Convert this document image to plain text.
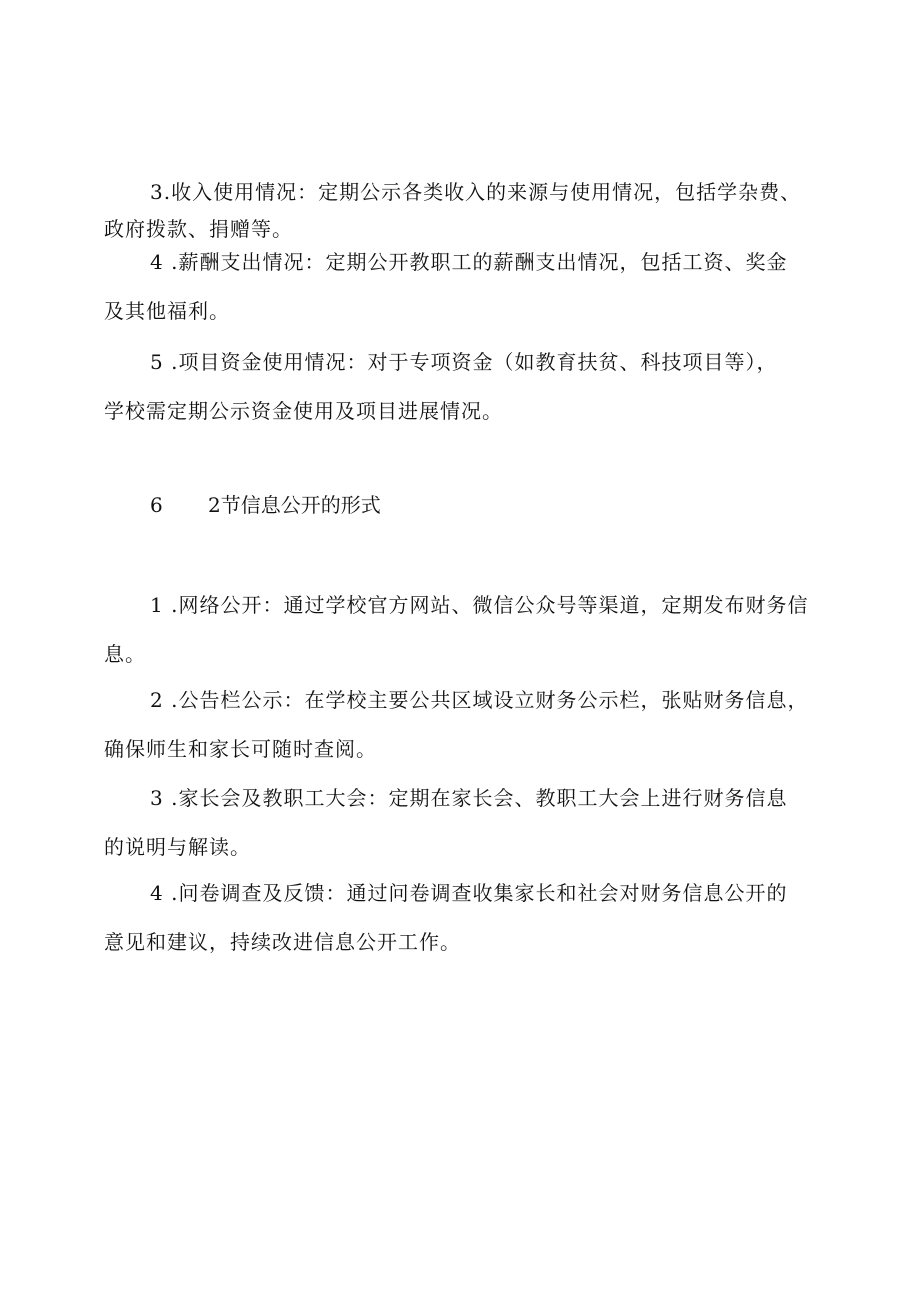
3.收入使用情况：定期公示各类收入的来源与使用情况，包括学杂费、
政府拨款、捐赠等。

4 .薪酬支出情况：定期公开教职工的薪酬支出情况，包括工资、奖金
及其他福利。

5 .项目资金使用情况：对于专项资金（如教育扶贫、科技项目等），
学校需定期公示资金使用及项目进展情况。

6 2节信息公开的形式

1 .网络公开：通过学校官方网站、微信公众号等渠道，定期发布财务信
息。

2 .公告栏公示：在学校主要公共区域设立财务公示栏，张贴财务信息，
确保师生和家长可随时查阅。

3 .家长会及教职工大会：定期在家长会、教职工大会上进行财务信息
的说明与解读。

4 .问卷调查及反馈：通过问卷调查收集家长和社会对财务信息公开的
意见和建议，持续改进信息公开工作。
